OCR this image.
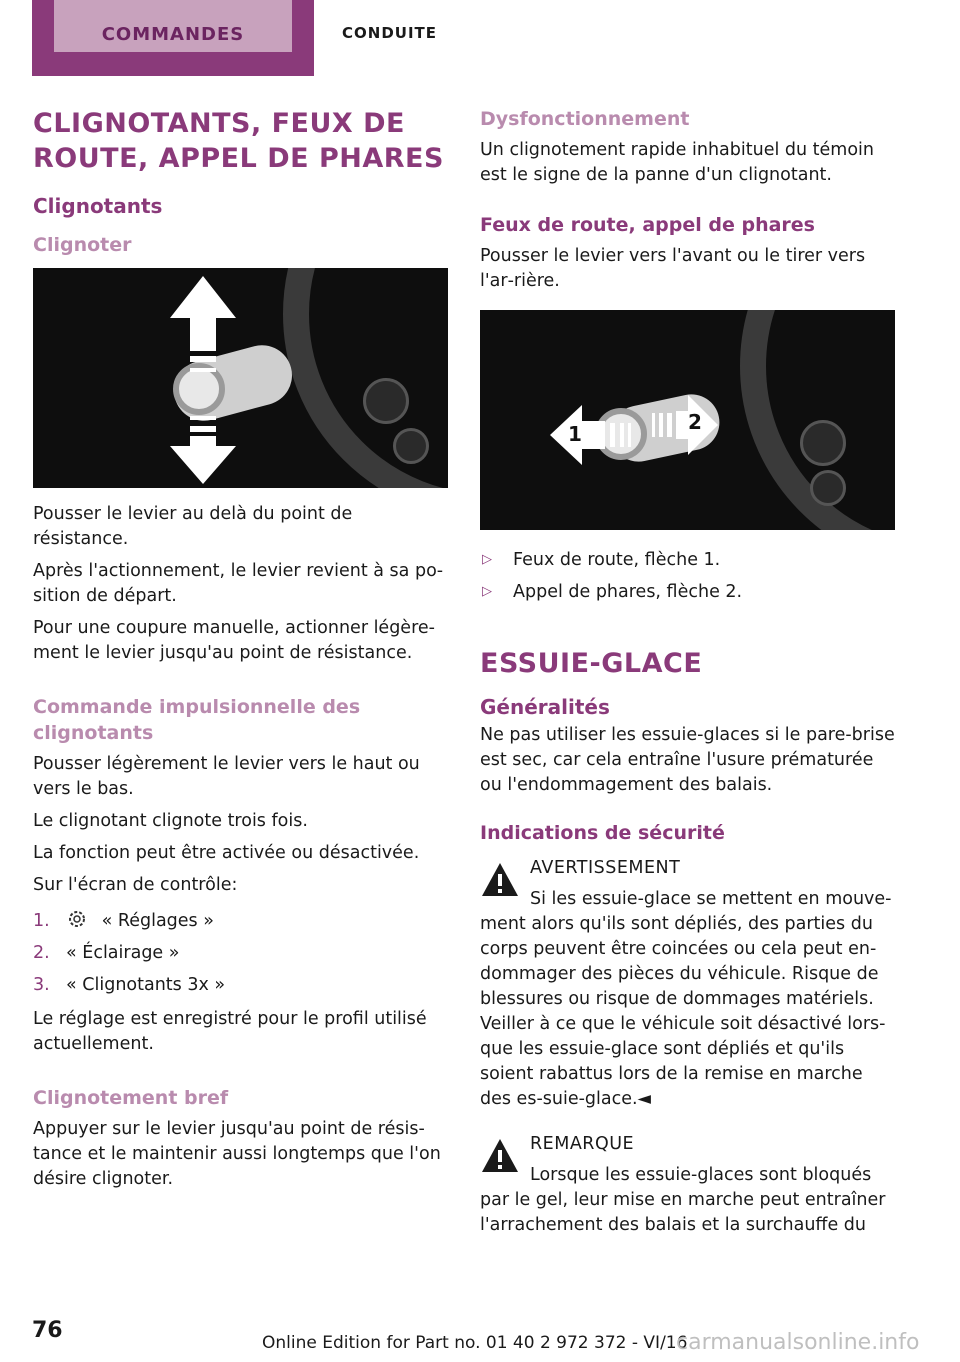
COMMANDES	CONDUITE
CLIGNOTANTS, FEUX DE ROUTE, APPEL DE PHARES
Clignotants
Clignoter

Pousser le levier au delà du point de résistance.

Après l'actionnement, le levier revient à sa po‐sition de départ.

Pour une coupure manuelle, actionner légère‐ment le levier jusqu'au point de résistance.

Commande impulsionnelle des clignotants

Pousser légèrement le levier vers le haut ou vers le bas.

Le clignotant clignote trois fois.

La fonction peut être activée ou désactivée.

Sur l'écran de contrôle:

1.	« Réglages »
2. « Éclairage »
3. « Clignotants 3x »

Le réglage est enregistré pour le profil utilisé actuellement.

Clignotement bref

Appuyer sur le levier jusqu'au point de résis‐tance et le maintenir aussi longtemps que l'on désire clignoter.

Dysfonctionnement

Un clignotement rapide inhabituel du témoin est le signe de la panne d'un clignotant.

Feux de route, appel de phares

Pousser le levier vers l'avant ou le tirer vers l'ar‐rière.

1	2
▷ Feux de route, flèche 1.
▷ Appel de phares, flèche 2.
ESSUIE-GLACE
Généralités

Ne pas utiliser les essuie-glaces si le pare-brise est sec, car cela entraîne l'usure prématurée ou l'endommagement des balais.

Indications de sécurité
AVERTISSEMENT
Si les essuie-glace se mettent en mouve‐
ment alors qu'ils sont dépliés, des parties du corps peuvent être coincées ou cela peut en‐dommager des pièces du véhicule. Risque de blessures ou risque de dommages matériels. Veiller à ce que le véhicule soit désactivé lors‐que les essuie-glace sont dépliés et qu'ils soient rabattus lors de la remise en marche des es‐suie-glace.◄
REMARQUE
Lorsque les essuie-glaces sont bloqués
par le gel, leur mise en marche peut entraîner l'arrachement des balais et la surchauffe du
76	Online Edition for Part no. 01 40 2 972 372 - VI/16
carmanualsonline.info
